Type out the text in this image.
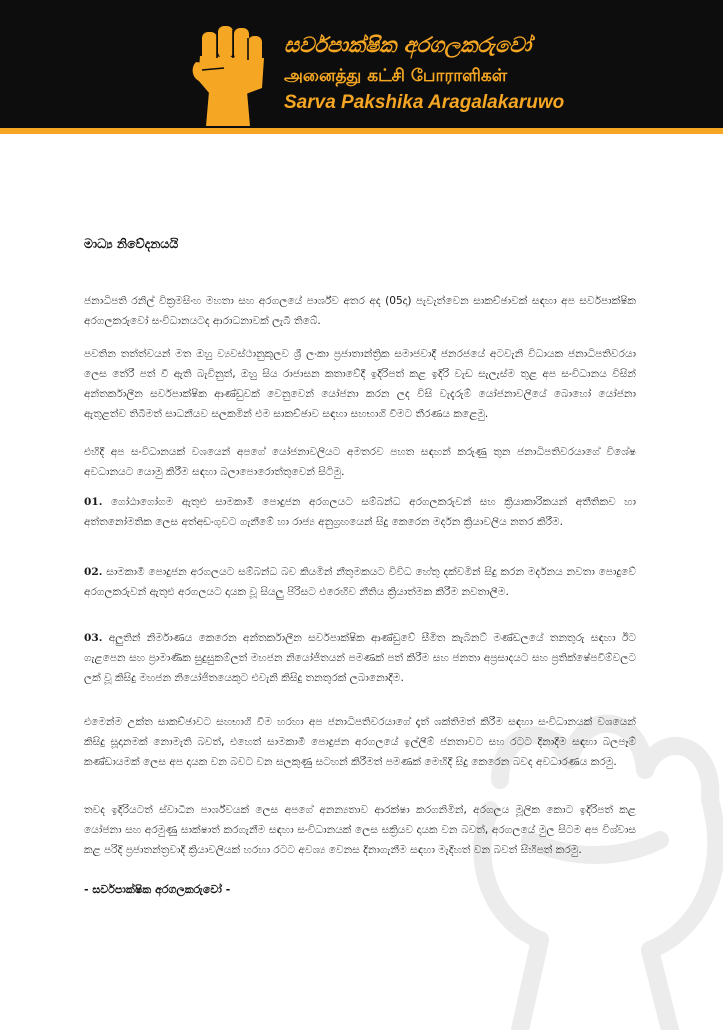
සර්වපාක්ෂික අරගලකරුවෝ
அனைத்து கட்சி போராளிகள்
Sarva Pakshika Aragalakaruwo
මාධ්‍ය නිවේදනයයි
ජනාධිපති රනිල් වික්‍රමසිංහ මහතා සහ අරගලයේ පාර්ශ්ව අතර අද (05දා) පැවැත්වෙන සාකච්ඡාවක් සඳහා අප සර්වපාක්ෂික අරගලකරුවෝ සංවිධානයටද ආරාධනාවක් ලැබී තිබේ.
පවතින තත්ත්වයන් මත ඔහු ව්‍යවස්ථානුකූලව ශ්‍රී ලංකා ප්‍රජාතාන්ත්‍රික සමාජවාදී ජනරජයේ අටවැනි විධායක ජනාධිපතිවරයා ලෙස තේරී පත් වී ඇති බැවිනුත්, ඔහු සිය රාජාසන කතාවේදී ඉදිරිපත් කළ ඉදිරි වැඩ සැලැස්ම තුළ අප සංවිධානය විසින් අන්තර්කාලීන සර්වපාක්ෂික ආණ්ඩුවක් වෙනුවෙන් යෝජනා කරන ලද විසි වැදැරුම් යෝජනාවලියේ බොහෝ යෝජනා ඇතුළත්ව තිබීමත් සාධනීයව සලකමින් එම සාකච්ඡාව සඳහා සහභාගි වීමට තීරණය කළෙමු.
එහිදී අප සංවිධානයක් වශයෙන් අපගේ යෝජනාවලියට අමතරව පහත සඳහන් කරුණු තුන ජනාධිපතිවරයාගේ විශේෂ අවධානයට යොමු කිරීම සඳහා බලාපොරොත්තුවෙන් සිටිමු.
01. ගෝඨාගෝගම ඇතුළු සාමකාමී පොදුජන අරගලයට සම්බන්ධ අරගලකරුවන් සහ ක්‍රියාකාරිකයන් අතීතිකව හා අත්තනෝමතික ලෙස අත්අඩංගුවට ගැනීමේ හා රාජ්‍ය අනුග්‍රහයෙන් සිදු කෙරෙන මර්දන ක්‍රියාවලිය නතර කිරීම.
02. සාමකාමී පොදුජන අරගලයට සම්බන්ධ බව කියමින් නීතුමකයට විවිධ හේතු දක්වමින් සිදු කරන මර්දනය නවතා පොදුවේ අරගලකරුවන් ඇතුළු අරගලයට දායක වූ සියලු පිරිසට එරෙහිව නීතිය ක්‍රියාත්මක කිරීම නවතාලීම.
03. අලුතින් නිර්මාණය කෙරෙන අන්තර්කාලීන සර්වපාක්ෂික ආණ්ඩුවේ සීමිත කැබිනට් මණ්ඩලයේ තනතුරු සඳහා ඊට ගැළපෙන සහ ප්‍රාමාණික සුදුසුකම්ලත් මහජන නියෝජිතයන් පමණක් පත් කිරීම සහ ජනතා අප්‍රසාදයට සහ ප්‍රතික්ෂේපවීම්වලට ලක් වූ කිසිදු මහජන නියෝජිතයෙකුට එවැනි කිසිදු තනතුරක් ලබානොදීම.
එමෙන්ම උක්ත සාකච්ඡාවට සහභාගි වීම හරහා අප ජනාධිපතිවරයාගේ දෑත් ශක්තිමත් කිරීම සඳහා සංවිධානයක් වශයෙන් කිසිදු සූදානමක් නොමැති බවත්, එහෙත් සාමකාමී පොදුජන අරගලයේ ඉල්ලීම් ජනතාවට සහ රටට දිනාදීම සඳහා බලපෑම් කණ්ඩායමක් ලෙස අප දායක වන බවට වන සලකුණු සටහන් කිරීමත් පමණක් මෙහිදී සිදු කෙරෙන බවද අවධාරණය කරමු.
තවද ඉදිරියටත් ස්වාධීන පාර්ශ්වයක් ලෙස අපගේ අනන්‍යතාව ආරක්ෂා කරගනිමින්, අරගලය මූලික කොට ඉදිරිපත් කළ යෝජනා සහ අරමුණු සාක්ෂාත් කරගැනීම සඳහා සංවිධානයක් ලෙස සක්‍රියව දායක වන බවත්, අරගලයේ මුල සිටම අප විශ්වාස කළ පරිදි ප්‍රජාතන්ත්‍රවාදී ක්‍රියාවලියක් හරහා රටට අවශ්‍ය වෙනස දිනාගැනීම සඳහා මැදිහත් වන බවත් සිහිපත් කරමු.
- සර්වපාක්ෂික අරගලකරුවෝ -
